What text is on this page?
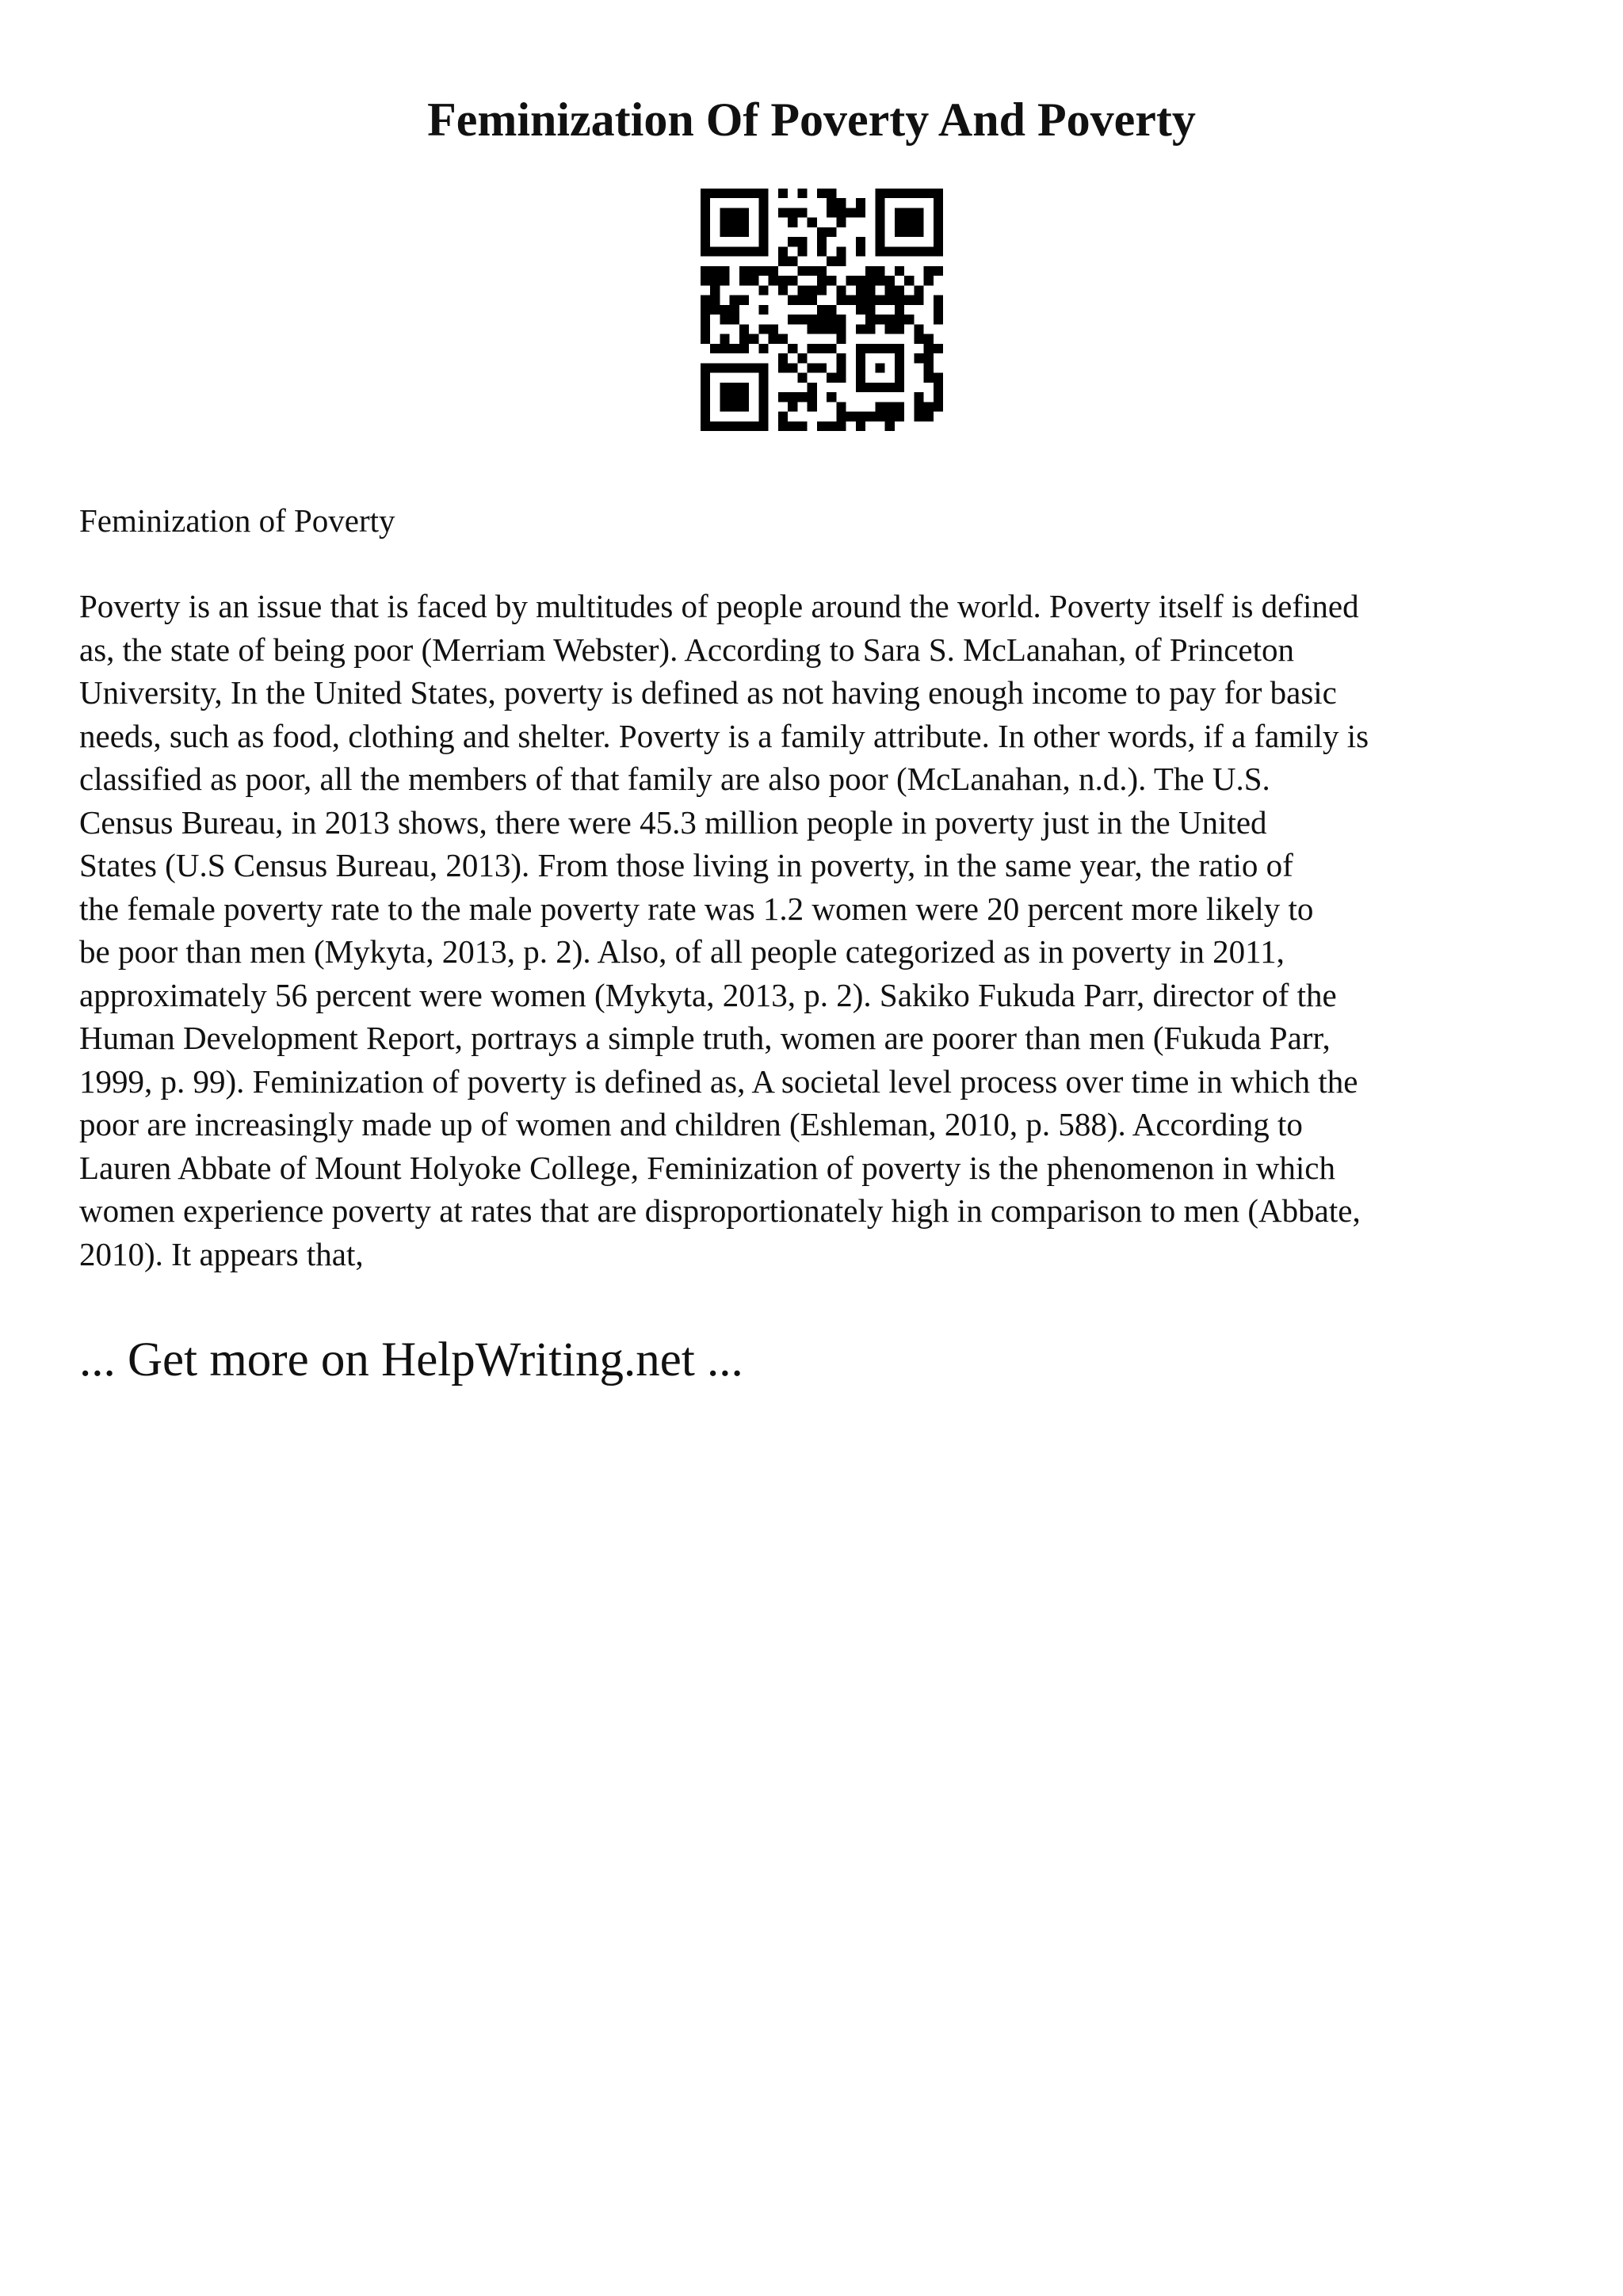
Feminization Of Poverty And Poverty

Feminization of Poverty

Poverty is an issue that is faced by multitudes of people around the world. Poverty itself is defined
as, the state of being poor (Merriam Webster). According to Sara S. McLanahan, of Princeton
University, In the United States, poverty is defined as not having enough income to pay for basic
needs, such as food, clothing and shelter. Poverty is a family attribute. In other words, if a family is
classified as poor, all the members of that family are also poor (McLanahan, n.d.). The U.S.
Census Bureau, in 2013 shows, there were 45.3 million people in poverty just in the United
States (U.S Census Bureau, 2013). From those living in poverty, in the same year, the ratio of
the female poverty rate to the male poverty rate was 1.2 women were 20 percent more likely to
be poor than men (Mykyta, 2013, p. 2). Also, of all people categorized as in poverty in 2011,
approximately 56 percent were women (Mykyta, 2013, p. 2). Sakiko Fukuda Parr, director of the
Human Development Report, portrays a simple truth, women are poorer than men (Fukuda Parr,
1999, p. 99). Feminization of poverty is defined as, A societal level process over time in which the
poor are increasingly made up of women and children (Eshleman, 2010, p. 588). According to
Lauren Abbate of Mount Holyoke College, Feminization of poverty is the phenomenon in which
women experience poverty at rates that are disproportionately high in comparison to men (Abbate,
2010). It appears that,

... Get more on HelpWriting.net ...
